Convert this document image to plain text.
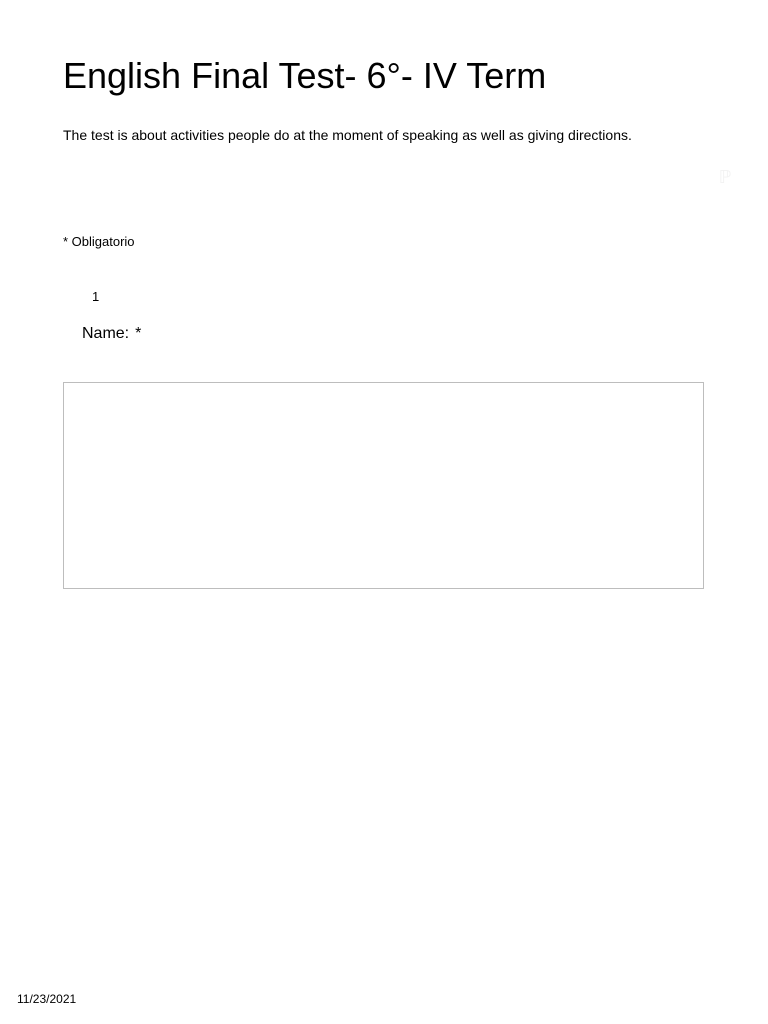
English Final Test- 6°- IV Term

The test is about activities people do at the moment of speaking as well as giving directions.

ℙ

* Obligatorio

1

Name: *

11/23/2021
